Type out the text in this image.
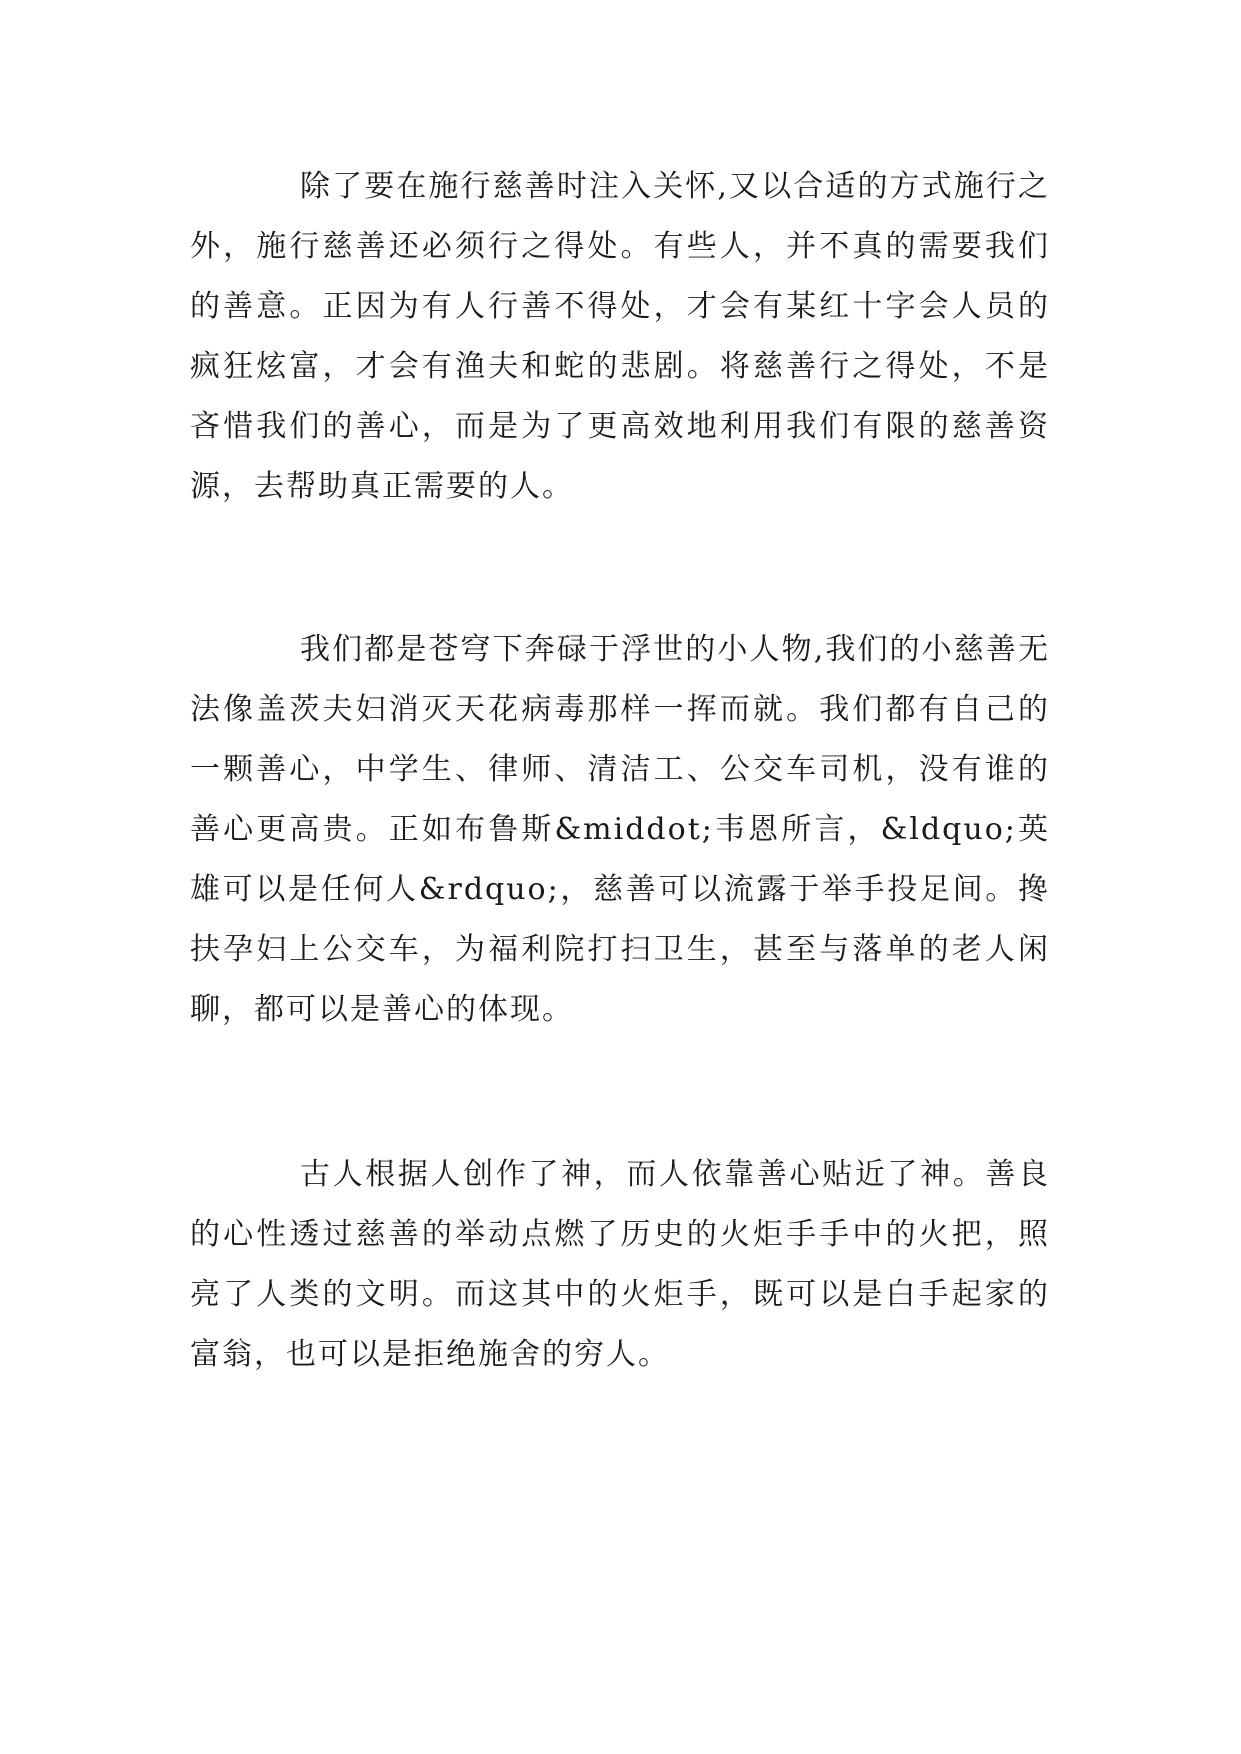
除了要在施行慈善时注入关怀,又以合适的方式施行之外，施行慈善还必须行之得处。有些人，并不真的需要我们的善意。正因为有人行善不得处，才会有某红十字会人员的疯狂炫富，才会有渔夫和蛇的悲剧。将慈善行之得处，不是吝惜我们的善心，而是为了更高效地利用我们有限的慈善资源，去帮助真正需要的人。

我们都是苍穹下奔碌于浮世的小人物,我们的小慈善无法像盖茨夫妇消灭天花病毒那样一挥而就。我们都有自己的一颗善心，中学生、律师、清洁工、公交车司机，没有谁的善心更高贵。正如布鲁斯&middot;韦恩所言，&ldquo;英雄可以是任何人&rdquo;，慈善可以流露于举手投足间。搀扶孕妇上公交车，为福利院打扫卫生，甚至与落单的老人闲聊，都可以是善心的体现。

古人根据人创作了神，而人依靠善心贴近了神。善良的心性透过慈善的举动点燃了历史的火炬手手中的火把，照亮了人类的文明。而这其中的火炬手，既可以是白手起家的富翁，也可以是拒绝施舍的穷人。
